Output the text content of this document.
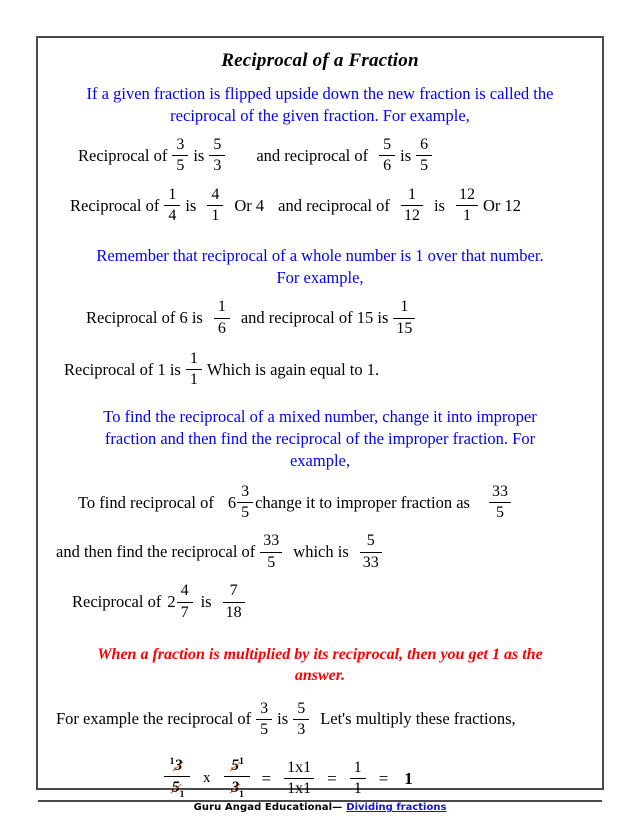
Reciprocal of a Fraction
If a given fraction is flipped upside down the new fraction is called the
reciprocal of the given fraction. For example,
Reciprocal of $\frac{3}{5}$ is $\frac{5}{3}$ and reciprocal of $\frac{5}{6}$ is $\frac{6}{5}$
Reciprocal of $\frac{1}{4}$ is $\frac{4}{1}$ Or 4 and reciprocal of $\frac{1}{12}$ is $\frac{12}{1}$ Or 12
Remember that reciprocal of a whole number is 1 over that number.
For example,
Reciprocal of 6 is $\frac{1}{6}$ and reciprocal of 15 is $\frac{1}{15}$
Reciprocal of 1 is $\frac{1}{1}$ Which is again equal to 1.
To find the reciprocal of a mixed number, change it into improper
fraction and then find the reciprocal of the improper fraction. For
example,
To find reciprocal of $6 \frac{3}{5}$ change it to improper fraction as $\frac{33}{5}$
and then find the reciprocal of $\frac{33}{5}$ which is $\frac{5}{33}$
Reciprocal of $2 \frac{4}{7}$ is $\frac{7}{18}$
When a fraction is multiplied by its reciprocal, then you get 1 as the
answer.
For example the reciprocal of $\frac{3}{5}$ is $\frac{5}{3} Let's$ multiply these fractions,
$^1$3
5
$_1$
x
5
$^1$
3
$_1$
= $\frac{1x1}{1x1} = \frac{1}{1} = 1$
Guru Angad Educational— Dividing fractions
